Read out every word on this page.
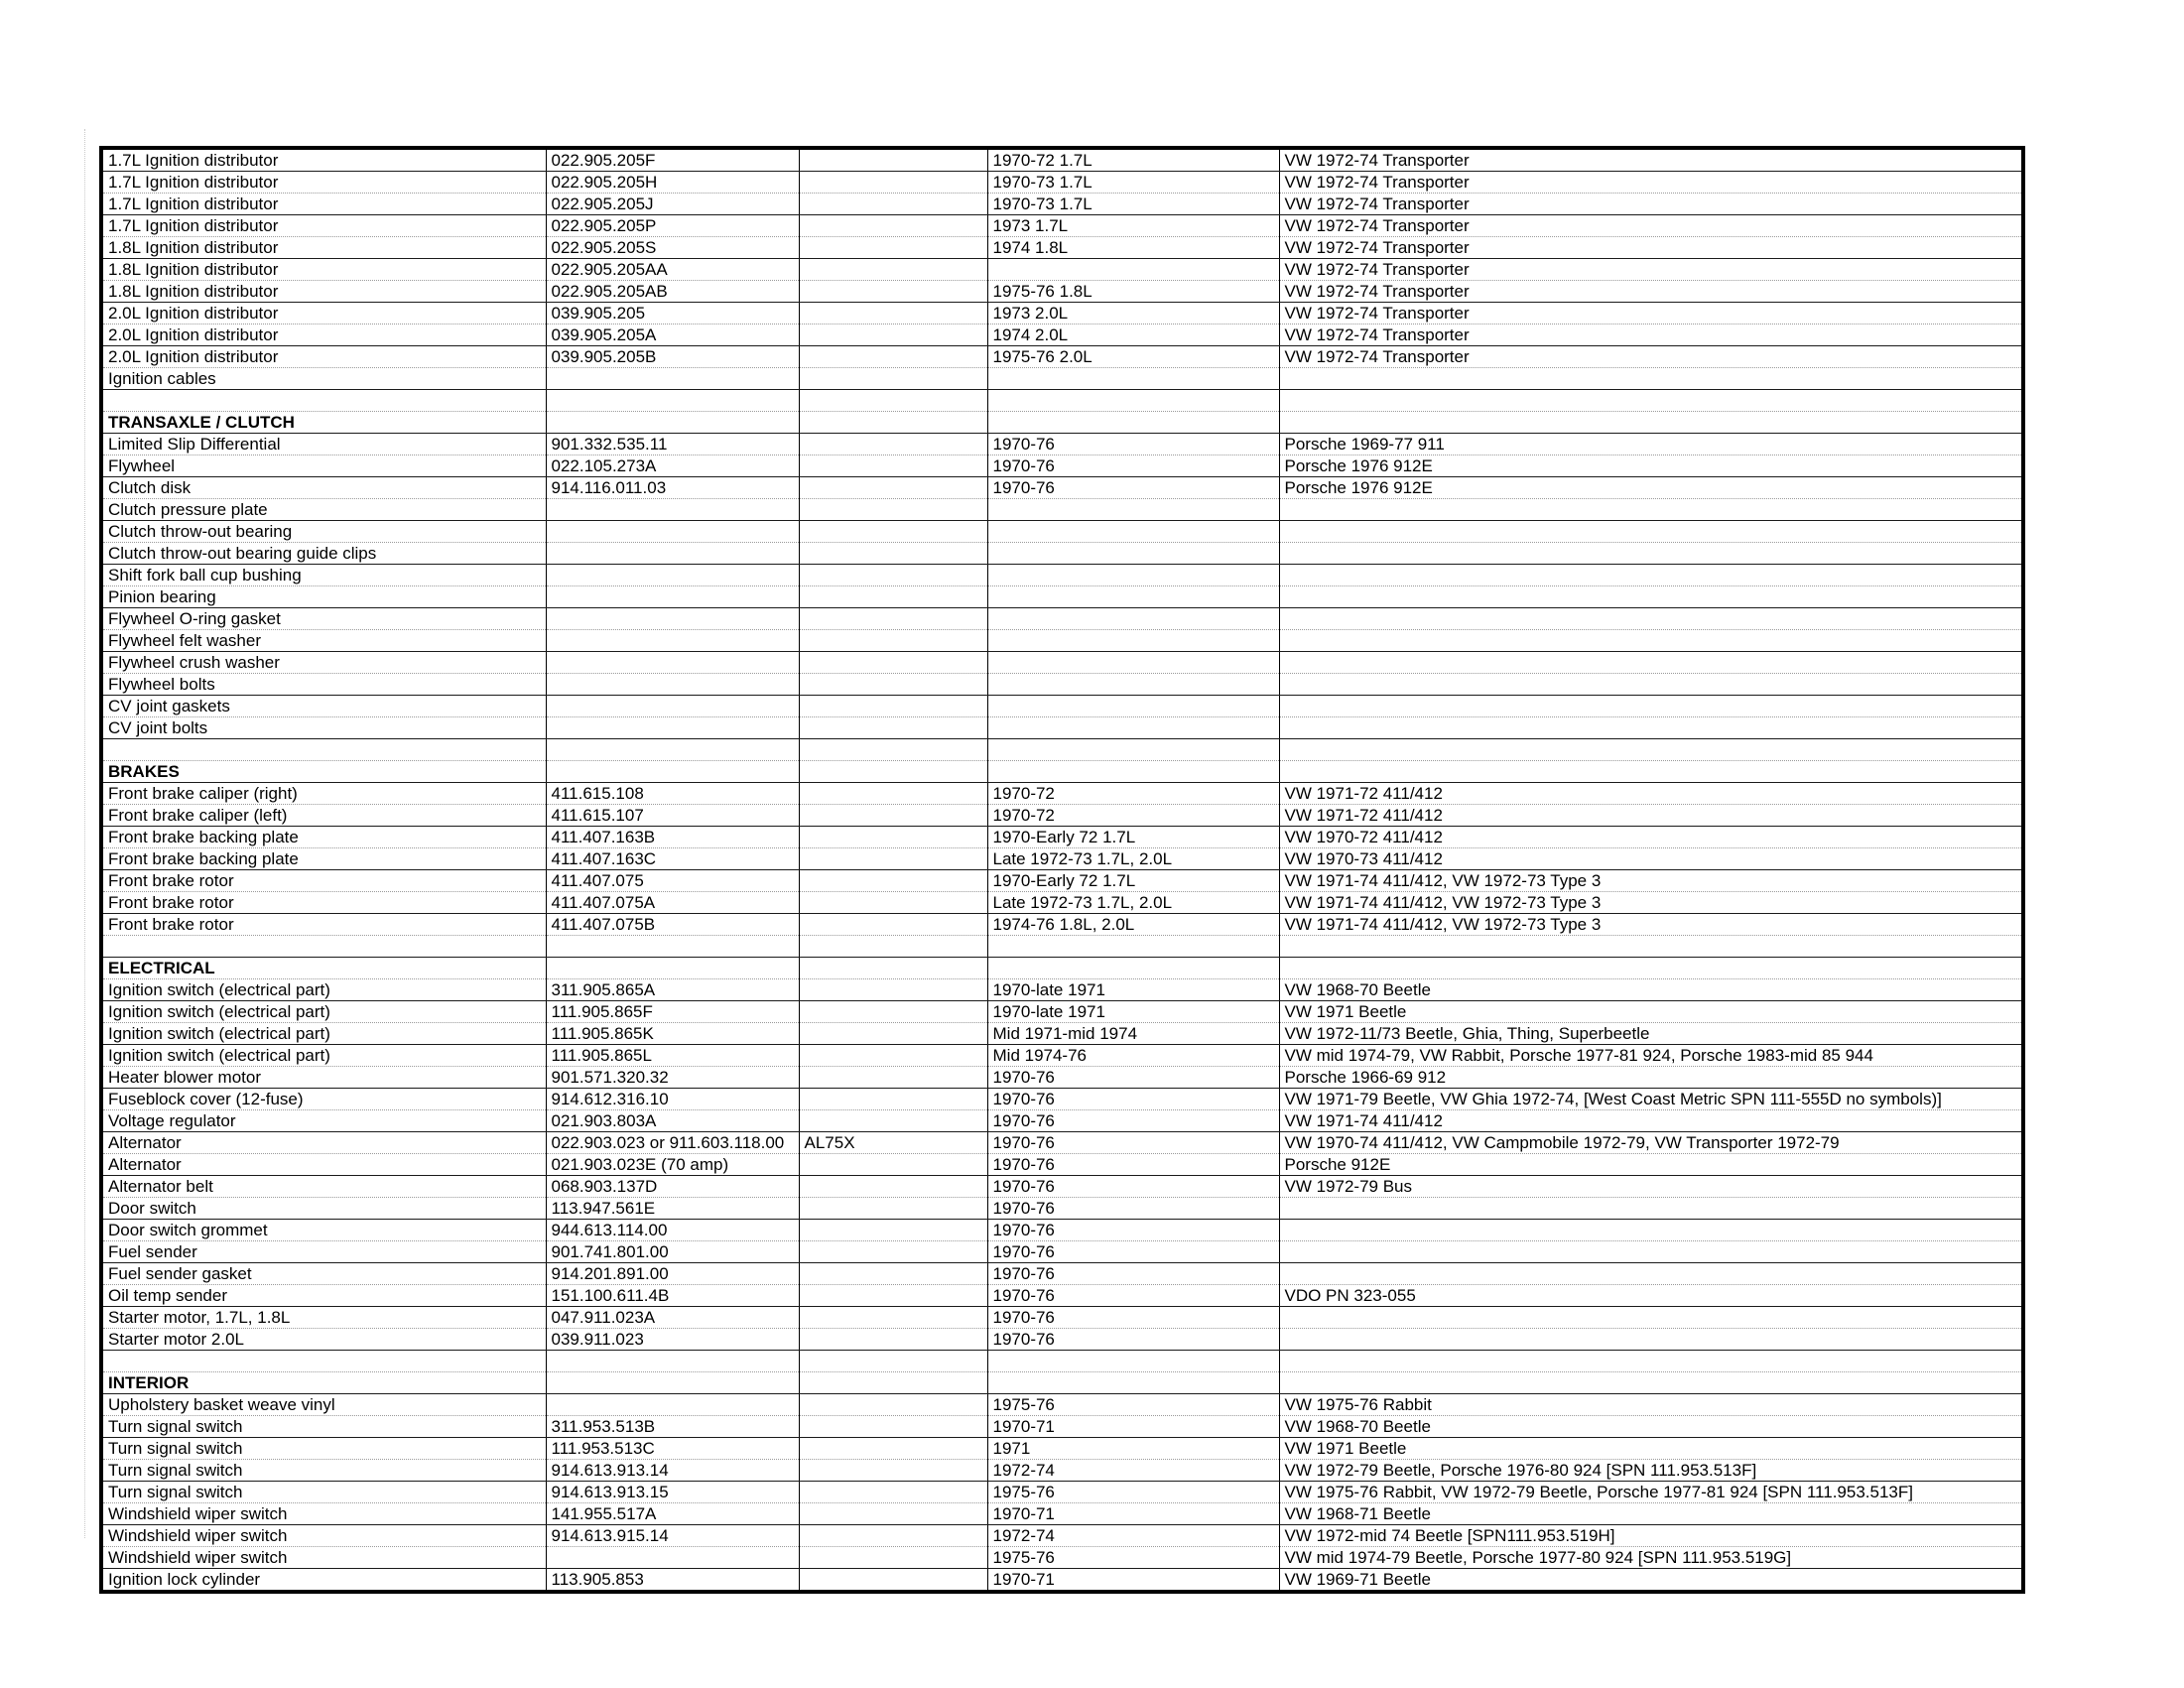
1.7L Ignition distributor	022.905.205F		1970-72 1.7L	VW 1972-74 Transporter
1.7L Ignition distributor	022.905.205H		1970-73 1.7L	VW 1972-74 Transporter
1.7L Ignition distributor	022.905.205J		1970-73 1.7L	VW 1972-74 Transporter
1.7L Ignition distributor	022.905.205P		1973 1.7L	VW 1972-74 Transporter
1.8L Ignition distributor	022.905.205S		1974 1.8L	VW 1972-74 Transporter
1.8L Ignition distributor	022.905.205AA			VW 1972-74 Transporter
1.8L Ignition distributor	022.905.205AB		1975-76 1.8L	VW 1972-74 Transporter
2.0L Ignition distributor	039.905.205		1973 2.0L	VW 1972-74 Transporter
2.0L Ignition distributor	039.905.205A		1974 2.0L	VW 1972-74 Transporter
2.0L Ignition distributor	039.905.205B		1975-76 2.0L	VW 1972-74 Transporter
Ignition cables				

TRANSAXLE / CLUTCH				
Limited Slip Differential	901.332.535.11		1970-76	Porsche 1969-77 911
Flywheel	022.105.273A		1970-76	Porsche 1976 912E
Clutch disk	914.116.011.03		1970-76	Porsche 1976 912E
Clutch pressure plate				
Clutch throw-out bearing				
Clutch throw-out bearing guide clips				
Shift fork ball cup bushing				
Pinion bearing				
Flywheel O-ring gasket				
Flywheel felt washer				
Flywheel crush washer				
Flywheel bolts				
CV joint gaskets				
CV joint bolts				

BRAKES				
Front brake caliper (right)	411.615.108		1970-72	VW 1971-72 411/412
Front brake caliper (left)	411.615.107		1970-72	VW 1971-72 411/412
Front brake backing plate	411.407.163B		1970-Early 72 1.7L	VW 1970-72 411/412
Front brake backing plate	411.407.163C		Late 1972-73 1.7L, 2.0L	VW 1970-73 411/412
Front brake rotor	411.407.075		1970-Early 72 1.7L	VW 1971-74 411/412, VW 1972-73 Type 3
Front brake rotor	411.407.075A		Late 1972-73 1.7L, 2.0L	VW 1971-74 411/412, VW 1972-73 Type 3
Front brake rotor	411.407.075B		1974-76 1.8L, 2.0L	VW 1971-74 411/412, VW 1972-73 Type 3

ELECTRICAL				
Ignition switch (electrical part)	311.905.865A		1970-late 1971	VW 1968-70 Beetle
Ignition switch (electrical part)	111.905.865F		1970-late 1971	VW 1971 Beetle
Ignition switch (electrical part)	111.905.865K		Mid 1971-mid 1974	VW 1972-11/73 Beetle, Ghia, Thing, Superbeetle
Ignition switch (electrical part)	111.905.865L		Mid 1974-76	VW mid 1974-79, VW Rabbit, Porsche 1977-81 924, Porsche 1983-mid 85 944
Heater blower motor	901.571.320.32		1970-76	Porsche 1966-69 912
Fuseblock cover (12-fuse)	914.612.316.10		1970-76	VW 1971-79 Beetle, VW Ghia 1972-74, [West Coast Metric SPN 111-555D no symbols)]
Voltage regulator	021.903.803A		1970-76	VW 1971-74 411/412
Alternator	022.903.023 or 911.603.118.00	AL75X	1970-76	VW 1970-74 411/412, VW Campmobile 1972-79, VW Transporter 1972-79
Alternator	021.903.023E (70 amp)		1970-76	Porsche 912E
Alternator belt	068.903.137D		1970-76	VW 1972-79 Bus
Door switch	113.947.561E		1970-76	
Door switch grommet	944.613.114.00		1970-76	
Fuel sender	901.741.801.00		1970-76	
Fuel sender gasket	914.201.891.00		1970-76	
Oil temp sender	151.100.611.4B		1970-76	VDO PN 323-055
Starter motor, 1.7L, 1.8L	047.911.023A		1970-76	
Starter motor 2.0L	039.911.023		1970-76	

INTERIOR				
Upholstery basket weave vinyl			1975-76	VW 1975-76 Rabbit
Turn signal switch	311.953.513B		1970-71	VW 1968-70 Beetle
Turn signal switch	111.953.513C		1971	VW 1971 Beetle
Turn signal switch	914.613.913.14		1972-74	VW 1972-79 Beetle, Porsche 1976-80 924 [SPN 111.953.513F]
Turn signal switch	914.613.913.15		1975-76	VW 1975-76 Rabbit, VW 1972-79 Beetle, Porsche 1977-81 924 [SPN 111.953.513F]
Windshield wiper switch	141.955.517A		1970-71	VW 1968-71 Beetle
Windshield wiper switch	914.613.915.14		1972-74	VW 1972-mid 74 Beetle [SPN111.953.519H]
Windshield wiper switch			1975-76	VW mid 1974-79 Beetle, Porsche 1977-80 924 [SPN 111.953.519G]
Ignition lock cylinder	113.905.853		1970-71	VW 1969-71 Beetle
